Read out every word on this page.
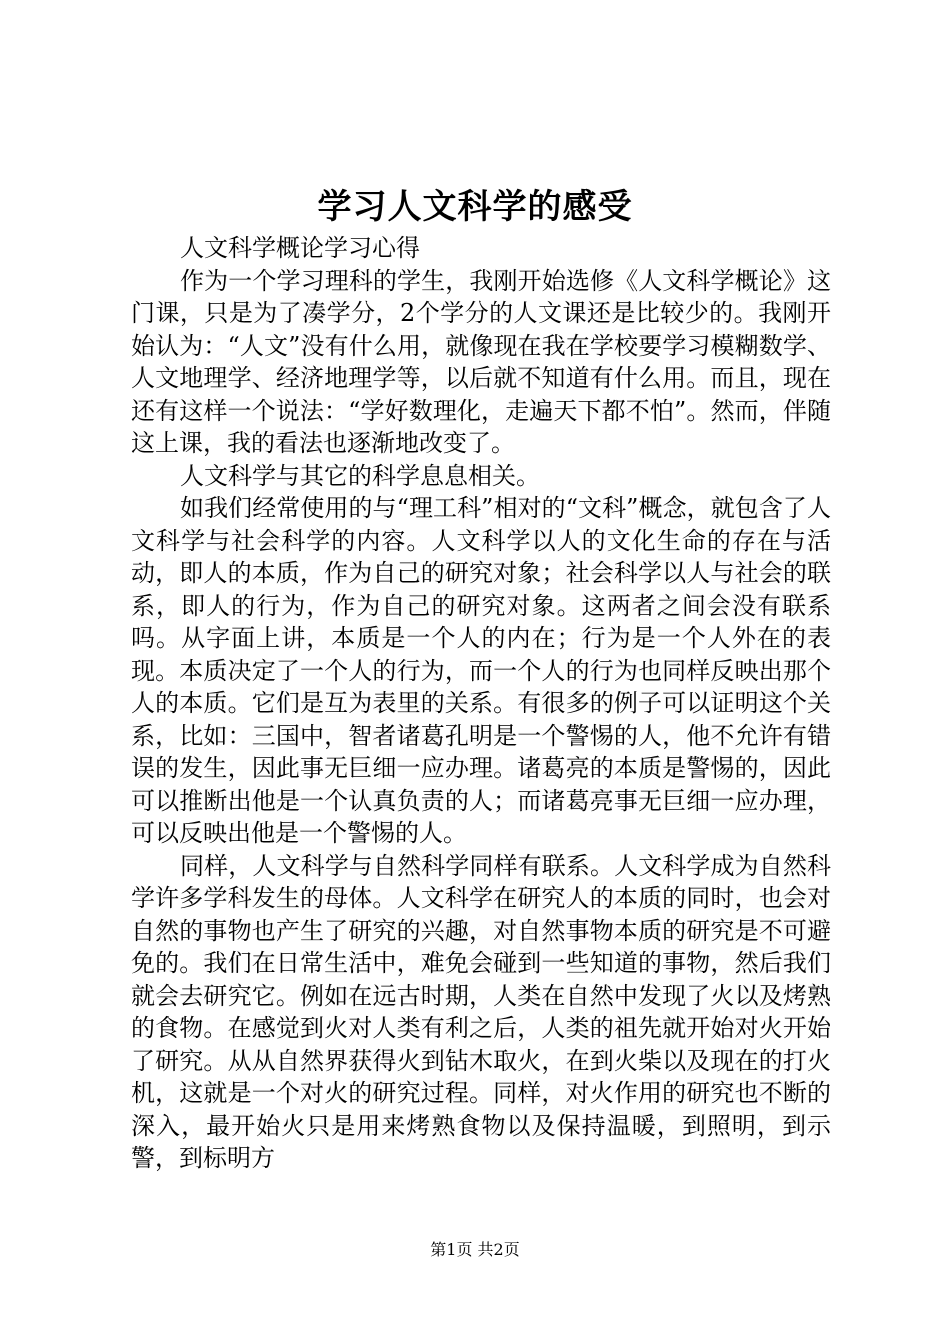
学习人文科学的感受

人文科学概论学习心得

作为一个学习理科的学生，我刚开始选修《人文科学概论》这门课，只是为了凑学分，2个学分的人文课还是比较少的。我刚开始认为：“人文”没有什么用，就像现在我在学校要学习模糊数学、人文地理学、经济地理学等，以后就不知道有什么用。而且，现在还有这样一个说法：“学好数理化，走遍天下都不怕”。然而，伴随这上课，我的看法也逐渐地改变了。

人文科学与其它的科学息息相关。

如我们经常使用的与“理工科”相对的“文科”概念，就包含了人文科学与社会科学的内容。人文科学以人的文化生命的存在与活动，即人的本质，作为自己的研究对象；社会科学以人与社会的联系，即人的行为，作为自己的研究对象。这两者之间会没有联系吗。从字面上讲，本质是一个人的内在；行为是一个人外在的表现。本质决定了一个人的行为，而一个人的行为也同样反映出那个人的本质。它们是互为表里的关系。有很多的例子可以证明这个关系，比如：三国中，智者诸葛孔明是一个警惕的人，他不允许有错误的发生，因此事无巨细一应办理。诸葛亮的本质是警惕的，因此可以推断出他是一个认真负责的人；而诸葛亮事无巨细一应办理，可以反映出他是一个警惕的人。

同样，人文科学与自然科学同样有联系。人文科学成为自然科学许多学科发生的母体。人文科学在研究人的本质的同时，也会对自然的事物也产生了研究的兴趣，对自然事物本质的研究是不可避免的。我们在日常生活中，难免会碰到一些知道的事物，然后我们就会去研究它。例如在远古时期，人类在自然中发现了火以及烤熟的食物。在感觉到火对人类有利之后，人类的祖先就开始对火开始了研究。从从自然界获得火到钻木取火，在到火柴以及现在的打火机，这就是一个对火的研究过程。同样，对火作用的研究也不断的深入，最开始火只是用来烤熟食物以及保持温暖，到照明，到示警，到标明方

第1页 共2页
